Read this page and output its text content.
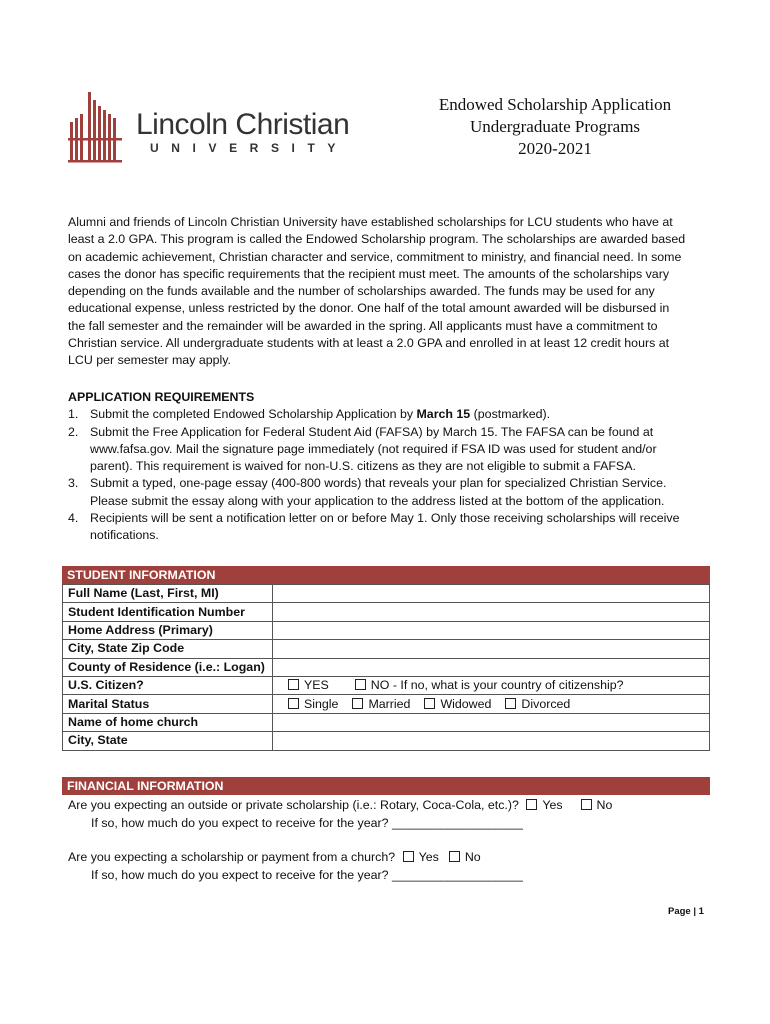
Lincoln Christian
UNIVERSITY
Endowed Scholarship Application
Undergraduate Programs
2020-2021
Alumni and friends of Lincoln Christian University have established scholarships for LCU students who have at
least a 2.0 GPA. This program is called the Endowed Scholarship program. The scholarships are awarded based
on academic achievement, Christian character and service, commitment to ministry, and financial need. In some
cases the donor has specific requirements that the recipient must meet. The amounts of the scholarships vary
depending on the funds available and the number of scholarships awarded. The funds may be used for any
educational expense, unless restricted by the donor. One half of the total amount awarded will be disbursed in
the fall semester and the remainder will be awarded in the spring. All applicants must have a commitment to
Christian service. All undergraduate students with at least a 2.0 GPA and enrolled in at least 12 credit hours at
LCU per semester may apply.
APPLICATION REQUIREMENTS
1. Submit the completed Endowed Scholarship Application by March 15 (postmarked).
2. Submit the Free Application for Federal Student Aid (FAFSA) by March 15. The FAFSA can be found at
www.fafsa.gov. Mail the signature page immediately (not required if FSA ID was used for student and/or
parent). This requirement is waived for non-U.S. citizens as they are not eligible to submit a FAFSA.
3. Submit a typed, one-page essay (400-800 words) that reveals your plan for specialized Christian Service.
Please submit the essay along with your application to the address listed at the bottom of the application.
4. Recipients will be sent a notification letter on or before May 1. Only those receiving scholarships will receive
notifications.
STUDENT INFORMATION
Full Name (Last, First, MI)	
Student Identification Number	
Home Address (Primary)	
City, State Zip Code	
County of Residence (i.e.: Logan)	
U.S. Citizen?	YES NO - If no, what is your country of citizenship?
Marital Status	Single Married Widowed Divorced
Name of home church	
City, State	
FINANCIAL INFORMATION
Are you expecting an outside or private scholarship (i.e.: Rotary, Coca-Cola, etc.)? Yes	No
If so, how much do you expect to receive for the year? ___________________
Are you expecting a scholarship or payment from a church? Yes No
If so, how much do you expect to receive for the year? ___________________
Page | 1
